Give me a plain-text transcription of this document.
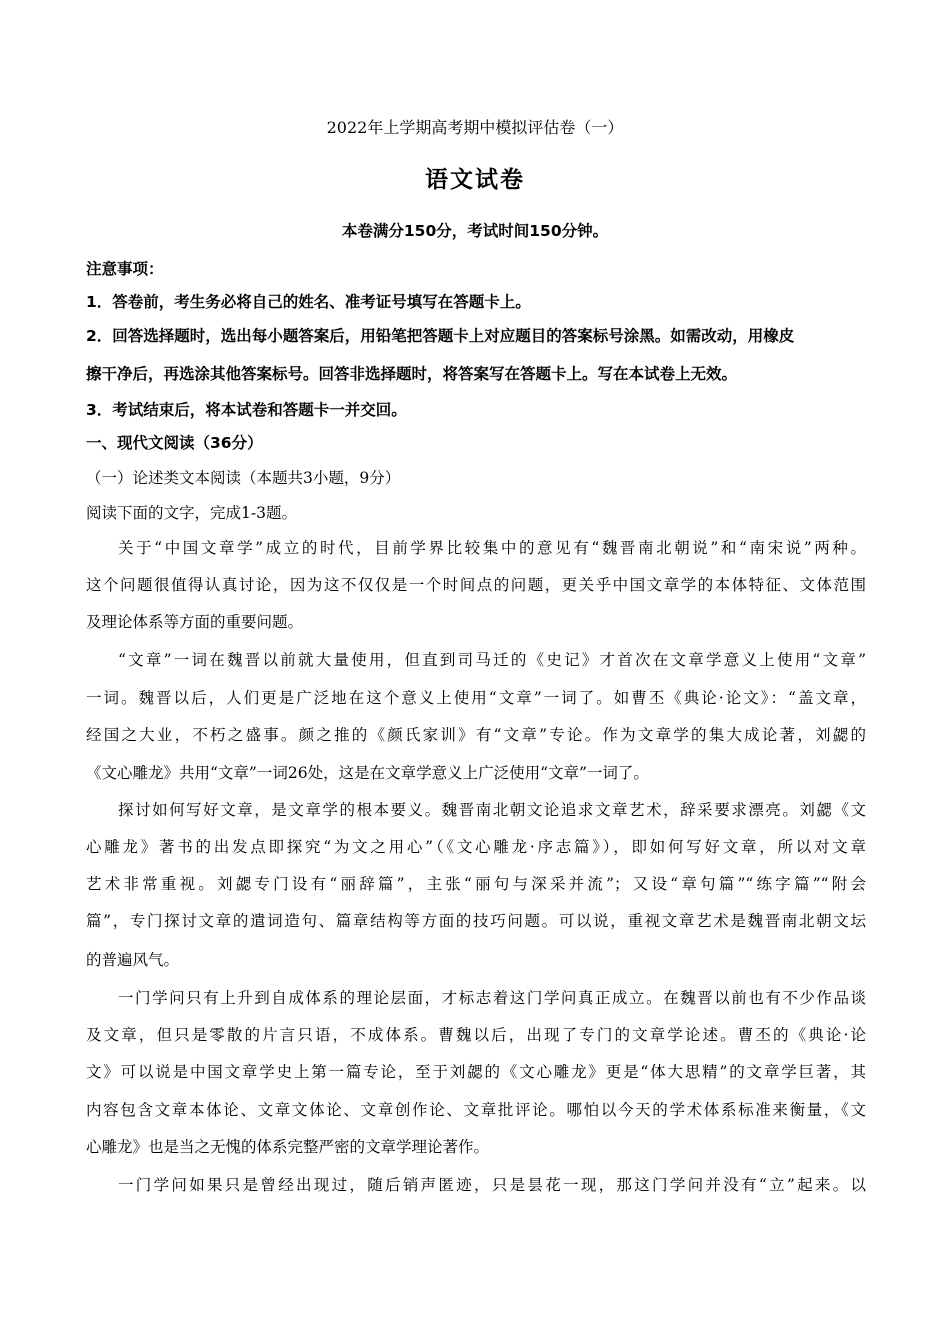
2022年上学期高考期中模拟评估卷（一）
语文试卷
本卷满分150分，考试时间150分钟。
注意事项：
1．答卷前，考生务必将自己的姓名、准考证号填写在答题卡上。
2．回答选择题时，选出每小题答案后，用铅笔把答题卡上对应题目的答案标号涂黑。如需改动，用橡皮
擦干净后，再选涂其他答案标号。回答非选择题时，将答案写在答题卡上。写在本试卷上无效。
3．考试结束后，将本试卷和答题卡一并交回。
一、现代文阅读（36分）
（一）论述类文本阅读（本题共3小题，9分）
阅读下面的文字，完成1-3题。
关于“中国文章学”成立的时代，目前学界比较集中的意见有“魏晋南北朝说”和“南宋说”两种。
这个问题很值得认真讨论，因为这不仅仅是一个时间点的问题，更关乎中国文章学的本体特征、文体范围
及理论体系等方面的重要问题。
“文章”一词在魏晋以前就大量使用，但直到司马迁的《史记》才首次在文章学意义上使用“文章”
一词。魏晋以后，人们更是广泛地在这个意义上使用“文章”一词了。如曹丕《典论·论文》：“盖文章，
经国之大业，不朽之盛事。颜之推的《颜氏家训》有“文章”专论。作为文章学的集大成论著，刘勰的
《文心雕龙》共用“文章”一词26处，这是在文章学意义上广泛使用“文章”一词了。
探讨如何写好文章，是文章学的根本要义。魏晋南北朝文论追求文章艺术，辞采要求漂亮。刘勰《文
心雕龙》著书的出发点即探究“为文之用心”（《文心雕龙·序志篇》），即如何写好文章，所以对文章
艺术非常重视。刘勰专门设有“丽辞篇”，主张“丽句与深采并流”；又设“章句篇”“练字篇”“附会
篇”，专门探讨文章的遣词造句、篇章结构等方面的技巧问题。可以说，重视文章艺术是魏晋南北朝文坛
的普遍风气。
一门学问只有上升到自成体系的理论层面，才标志着这门学问真正成立。在魏晋以前也有不少作品谈
及文章，但只是零散的片言只语，不成体系。曹魏以后，出现了专门的文章学论述。曹丕的《典论·论
文》可以说是中国文章学史上第一篇专论，至于刘勰的《文心雕龙》更是“体大思精”的文章学巨著，其
内容包含文章本体论、文章文体论、文章创作论、文章批评论。哪怕以今天的学术体系标准来衡量，《文
心雕龙》也是当之无愧的体系完整严密的文章学理论著作。
一门学问如果只是曾经出现过，随后销声匿迹，只是昙花一现，那这门学问并没有“立”起来。以
